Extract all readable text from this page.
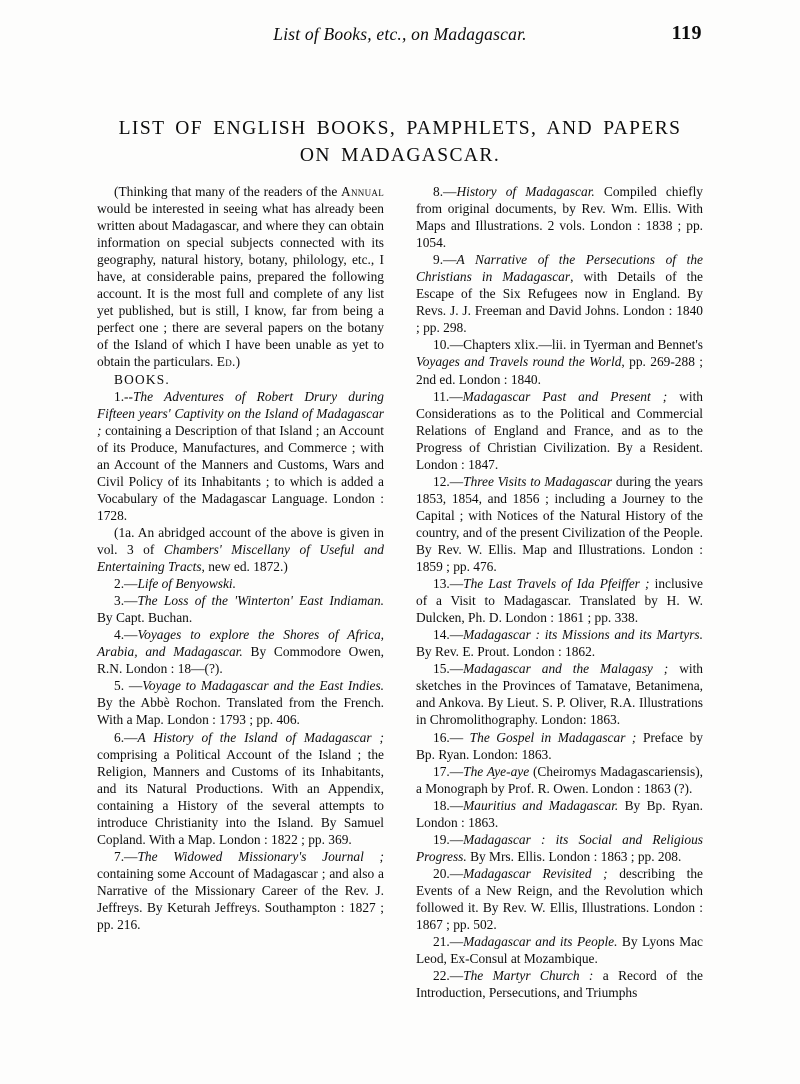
List of Books, etc., on Madagascar.	119
LIST OF ENGLISH BOOKS, PAMPHLETS, AND PAPERS
ON MADAGASCAR.

(Thinking that many of the readers of the Annual would be interested in seeing what has already been written about Madagascar, and where they can obtain information on special subjects connected with its geography, natural history, botany, philology, etc., I have, at considerable pains, prepared the following account. It is the most full and complete of any list yet published, but is still, I know, far from being a perfect one ; there are several papers on the botany of the Island of which I have been unable as yet to obtain the particulars. Ed.)

BOOKS.

1.--The Adventures of Robert Drury during Fifteen years' Captivity on the Island of Madagascar ; containing a Description of that Island ; an Account of its Produce, Manufactures, and Commerce ; with an Account of the Manners and Customs, Wars and Civil Policy of its Inhabitants ; to which is added a Vocabulary of the Madagascar Language. London : 1728.

(1a. An abridged account of the above is given in vol. 3 of Chambers' Miscellany of Useful and Entertaining Tracts, new ed. 1872.)

2.—Life of Benyowski.

3.—The Loss of the 'Winterton' East Indiaman. By Capt. Buchan.

4.—Voyages to explore the Shores of Africa, Arabia, and Madagascar. By Commodore Owen, R.N. London : 18—(?).

5. —Voyage to Madagascar and the East Indies. By the Abbè Rochon. Translated from the French. With a Map. London : 1793 ; pp. 406.

6.—A History of the Island of Madagascar ; comprising a Political Account of the Island ; the Religion, Manners and Customs of its Inhabitants, and its Natural Productions. With an Appendix, containing a History of the several attempts to introduce Christianity into the Island. By Samuel Copland. With a Map. London : 1822 ; pp. 369.

7.—The Widowed Missionary's Journal ; containing some Account of Madagascar ; and also a Narrative of the Missionary Career of the Rev. J. Jeffreys. By Keturah Jeffreys. Southampton : 1827 ; pp. 216.

8.—History of Madagascar. Compiled chiefly from original documents, by Rev. Wm. Ellis. With Maps and Illustrations. 2 vols. London : 1838 ; pp. 1054.

9.—A Narrative of the Persecutions of the Christians in Madagascar, with Details of the Escape of the Six Refugees now in England. By Revs. J. J. Freeman and David Johns. London : 1840 ; pp. 298.

10.—Chapters xlix.—lii. in Tyerman and Bennet's Voyages and Travels round the World, pp. 269-288 ; 2nd ed. London : 1840.

11.—Madagascar Past and Present ; with Considerations as to the Political and Commercial Relations of England and France, and as to the Progress of Christian Civilization. By a Resident. London : 1847.

12.—Three Visits to Madagascar during the years 1853, 1854, and 1856 ; including a Journey to the Capital ; with Notices of the Natural History of the country, and of the present Civilization of the People. By Rev. W. Ellis. Map and Illustrations. London : 1859 ; pp. 476.

13.—The Last Travels of Ida Pfeiffer ; inclusive of a Visit to Madagascar. Translated by H. W. Dulcken, Ph. D. London : 1861 ; pp. 338.

14.—Madagascar : its Missions and its Martyrs. By Rev. E. Prout. London : 1862.

15.—Madagascar and the Malagasy ; with sketches in the Provinces of Tamatave, Betanimena, and Ankova. By Lieut. S. P. Oliver, R.A. Illustrations in Chromolithography. London: 1863.

16.— The Gospel in Madagascar ; Preface by Bp. Ryan. London: 1863.

17.—The Aye-aye (Cheiromys Madagascariensis), a Monograph by Prof. R. Owen. London : 1863 (?).

18.—Mauritius and Madagascar. By Bp. Ryan. London : 1863.

19.—Madagascar : its Social and Religious Progress. By Mrs. Ellis. London : 1863 ; pp. 208.

20.—Madagascar Revisited ; describing the Events of a New Reign, and the Revolution which followed it. By Rev. W. Ellis, Illustrations. London : 1867 ; pp. 502.

21.—Madagascar and its People. By Lyons Mac Leod, Ex-Consul at Mozambique.

22.—The Martyr Church : a Record of the Introduction, Persecutions, and Triumphs
